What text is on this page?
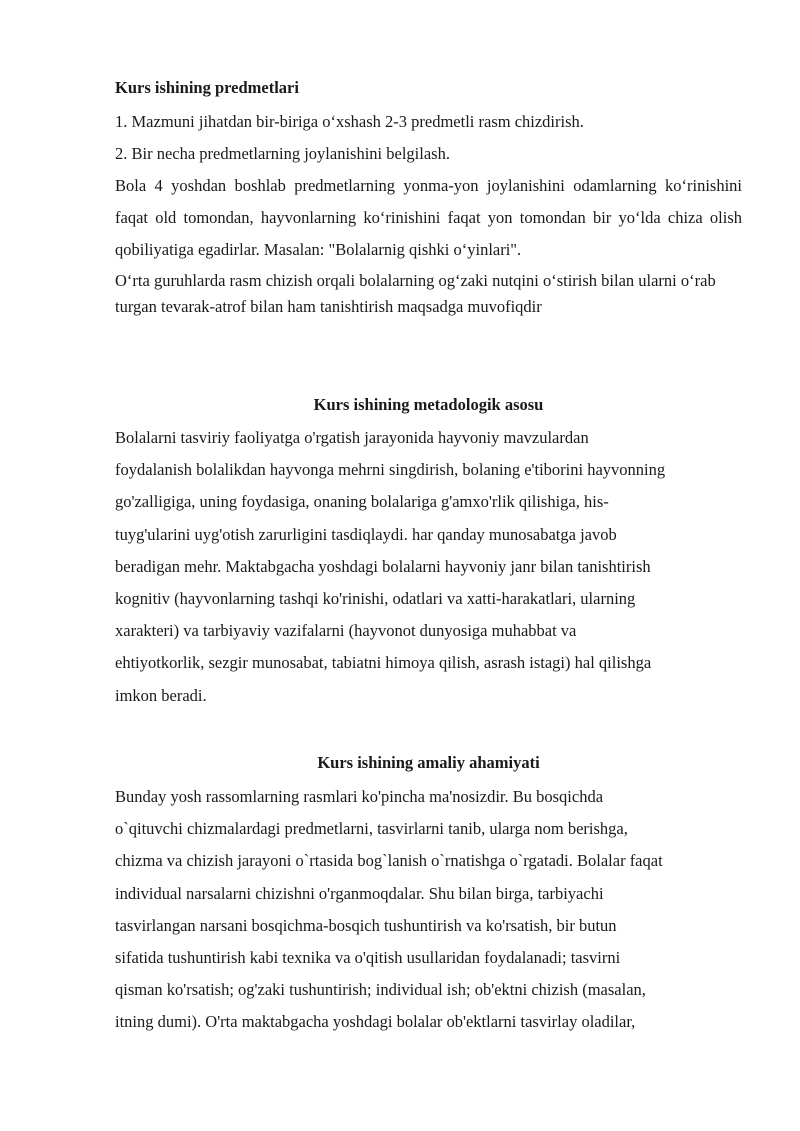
Kurs ishining predmetlari

1. Mazmuni jihatdan bir-biriga o‘xshash 2-3 predmetli rasm chizdirish.

2. Bir necha predmetlarning joylanishini belgilash.

Bola 4 yoshdan boshlab predmetlarning yonma-yon joylanishini odamlarning ko‘rinishini faqat old tomondan, hayvonlarning ko‘rinishini faqat yon tomondan bir yo‘lda chiza olish qobiliyatiga egadirlar. Masalan: "Bolalarnig qishki o‘yinlari".

O‘rta guruhlarda rasm chizish orqali bolalarning og‘zaki nutqini o‘stirish bilan ularni o‘rab turgan tevarak-atrof bilan ham tanishtirish maqsadga muvofiqdir

Kurs ishining metadologik asosu
Bolalarni tasviriy faoliyatga o'rgatish jarayonida hayvoniy mavzulardan
foydalanish bolalikdan hayvonga mehrni singdirish, bolaning e'tiborini hayvonning
go'zalligiga, uning foydasiga, onaning bolalariga g'amxo'rlik qilishiga, his-
tuyg'ularini uyg'otish zarurligini tasdiqlaydi. har qanday munosabatga javob
beradigan mehr. Maktabgacha yoshdagi bolalarni hayvoniy janr bilan tanishtirish
kognitiv (hayvonlarning tashqi ko'rinishi, odatlari va xatti-harakatlari, ularning
xarakteri) va tarbiyaviy vazifalarni (hayvonot dunyosiga muhabbat va
ehtiyotkorlik, sezgir munosabat, tabiatni himoya qilish, asrash istagi) hal qilishga
imkon beradi.
Kurs ishining amaliy ahamiyati
Bunday yosh rassomlarning rasmlari ko'pincha ma'nosizdir. Bu bosqichda
o`qituvchi chizmalardagi predmetlarni, tasvirlarni tanib, ularga nom berishga,
chizma va chizish jarayoni o`rtasida bog`lanish o`rnatishga o`rgatadi. Bolalar faqat
individual narsalarni chizishni o'rganmoqdalar. Shu bilan birga, tarbiyachi
tasvirlangan narsani bosqichma-bosqich tushuntirish va ko'rsatish, bir butun
sifatida tushuntirish kabi texnika va o'qitish usullaridan foydalanadi; tasvirni
qisman ko'rsatish; og'zaki tushuntirish; individual ish; ob'ektni chizish (masalan,
itning dumi). O'rta maktabgacha yoshdagi bolalar ob'ektlarni tasvirlay oladilar,
